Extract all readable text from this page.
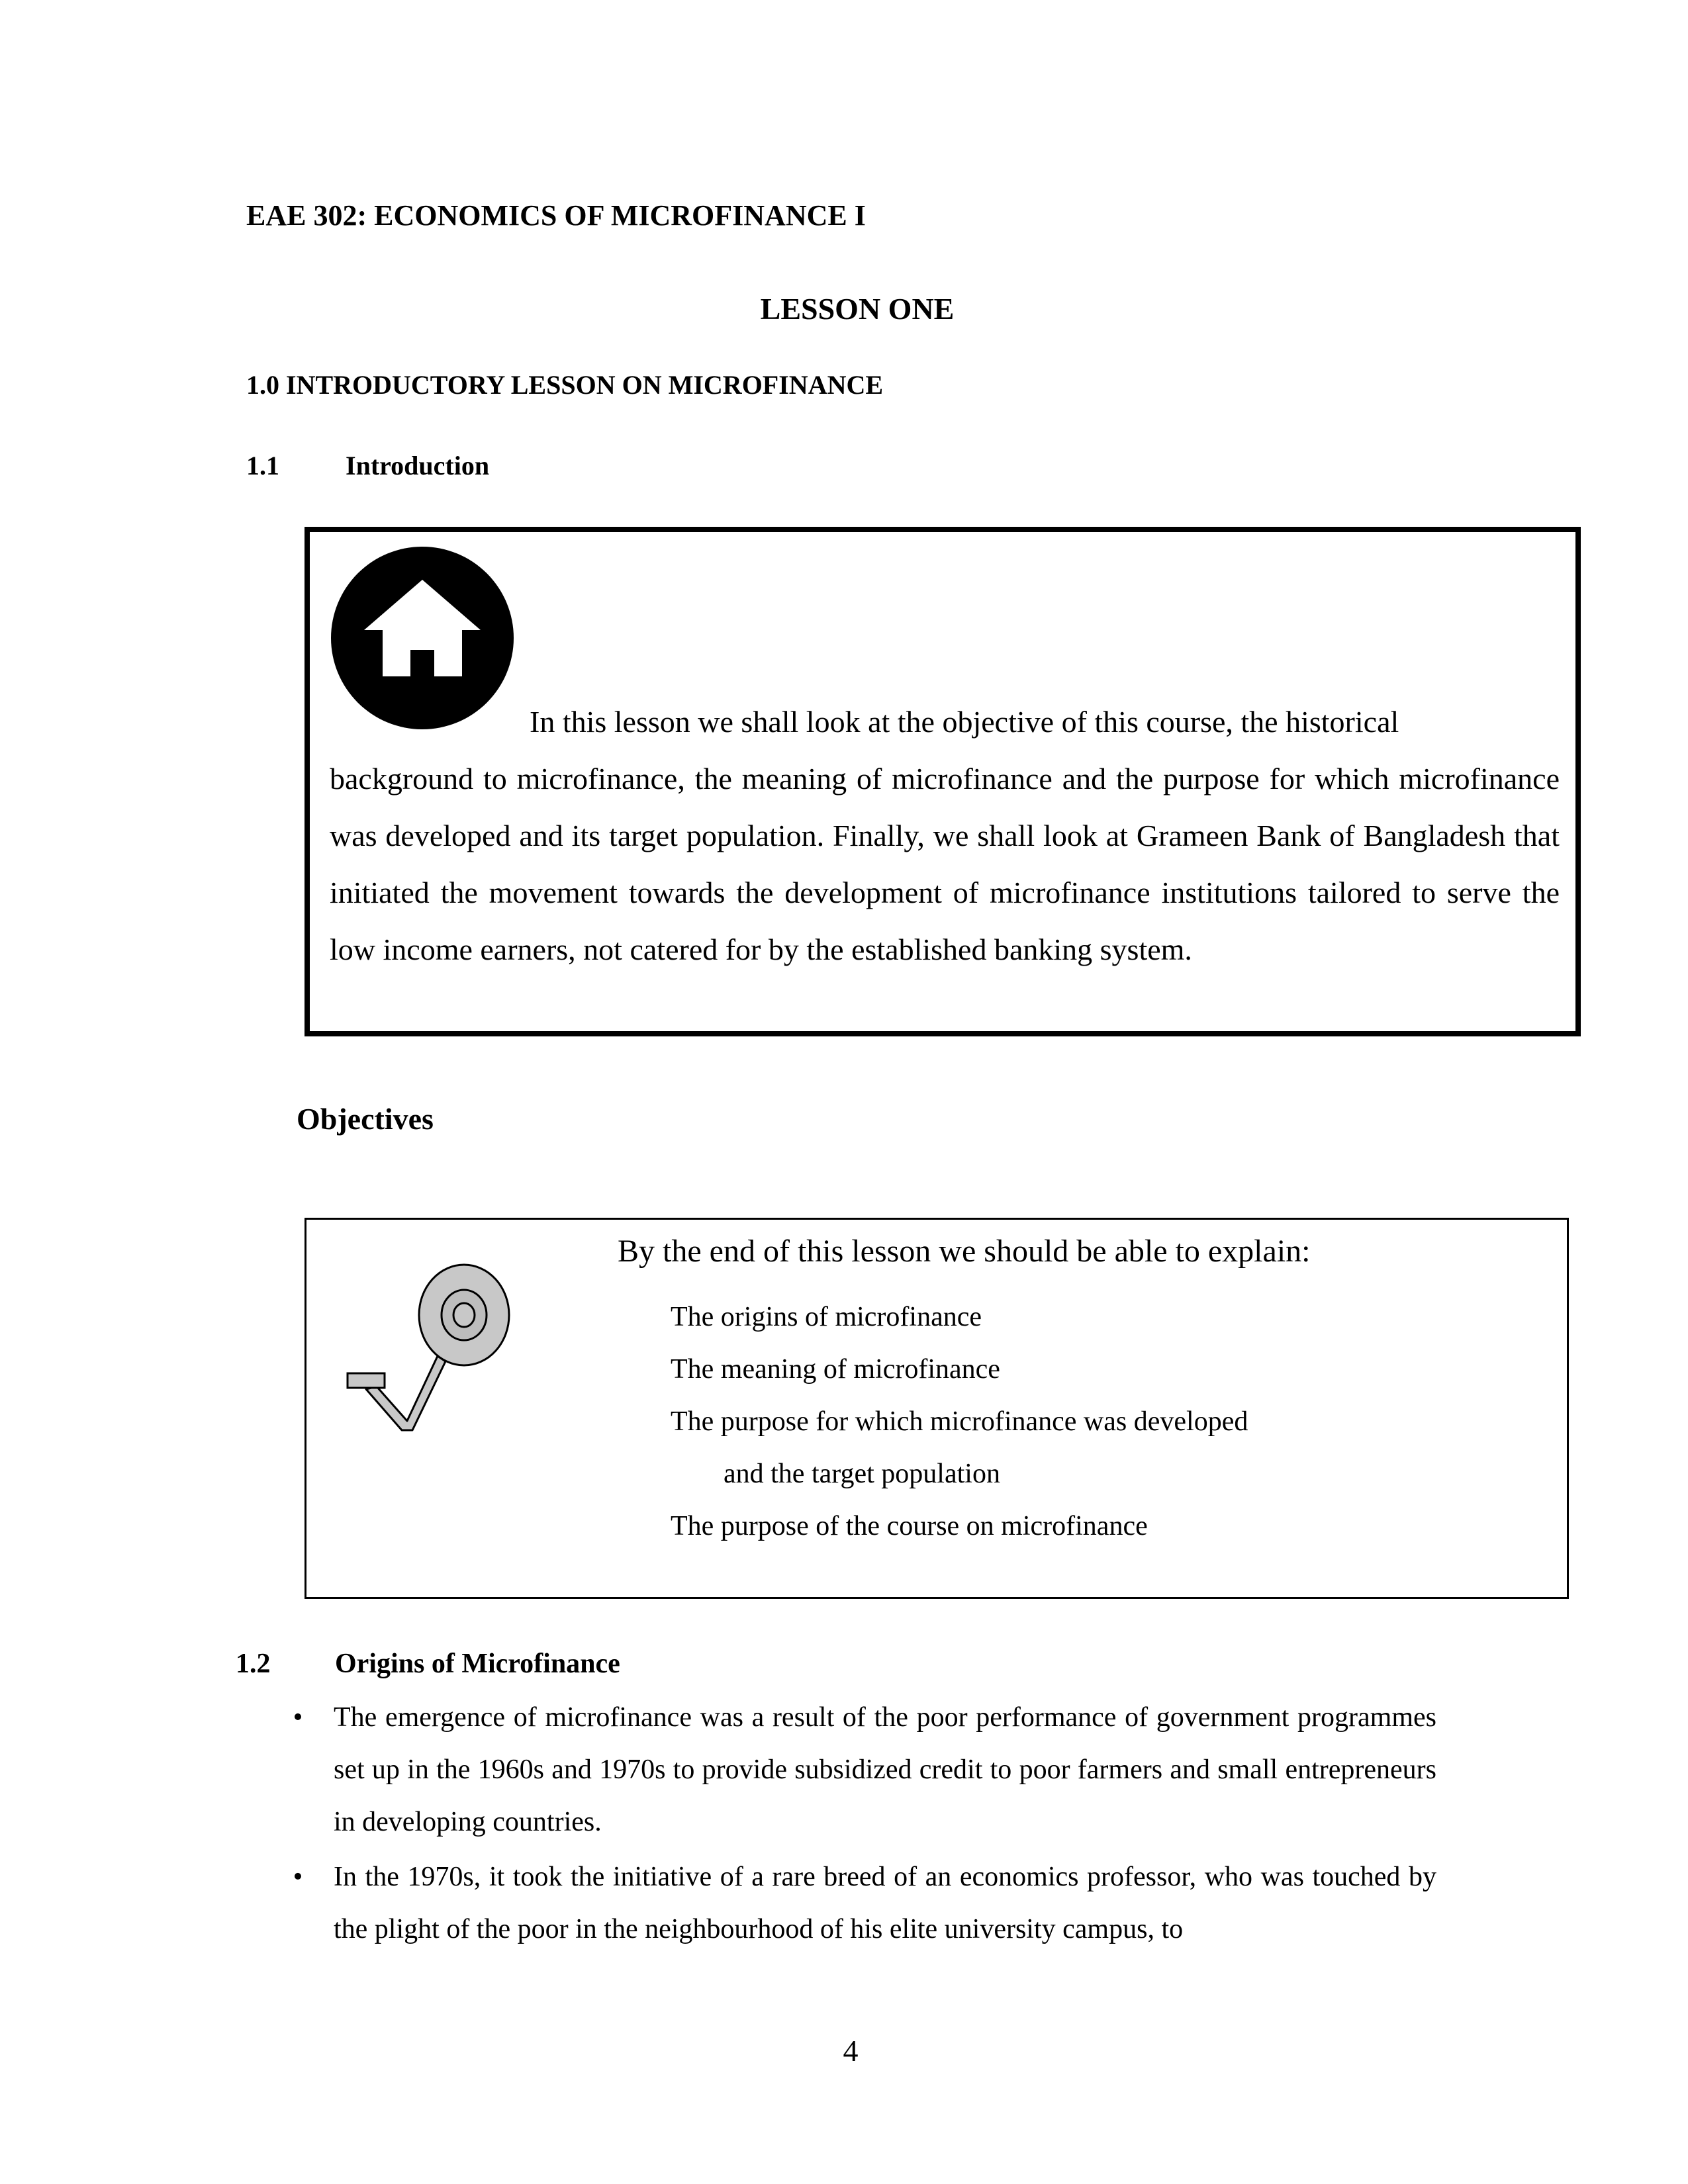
EAE 302: ECONOMICS OF MICROFINANCE I
LESSON ONE
1.0 INTRODUCTORY LESSON ON MICROFINANCE
1.1	Introduction
In this lesson we shall look at the objective of this course, the historical
background to microfinance, the meaning of microfinance and the purpose for which microfinance was developed and its target population. Finally, we shall look at Grameen Bank of Bangladesh that initiated the movement towards the development of microfinance institutions tailored to serve the low income earners, not catered for by the established banking system.
Objectives
By the end of this lesson we should be able to explain:
The origins of microfinance
The meaning of microfinance
The purpose for which microfinance was developed
and the target population
The purpose of the course on microfinance
1.2 Origins of Microfinance
•	The emergence of microfinance was a result of the poor performance of government programmes set up in the 1960s and 1970s to provide subsidized credit to poor farmers and small entrepreneurs in developing countries.
•	In the 1970s, it took the initiative of a rare breed of an economics professor, who was touched by the plight of the poor in the neighbourhood of his elite university campus, to
4
